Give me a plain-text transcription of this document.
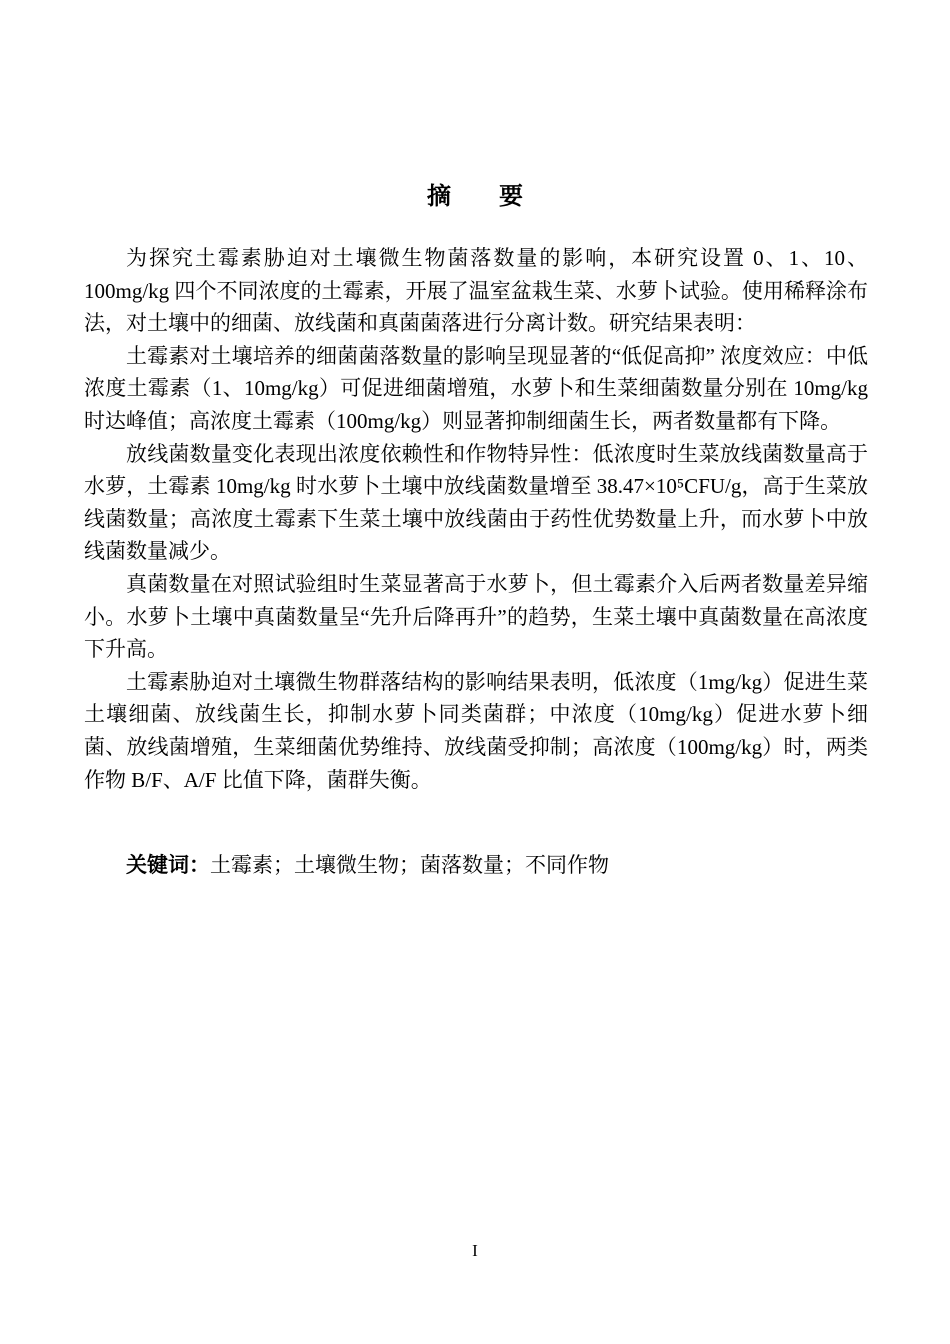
摘　　要

为探究土霉素胁迫对土壤微生物菌落数量的影响，本研究设置 0、1、10、100mg/kg 四个不同浓度的土霉素，开展了温室盆栽生菜、水萝卜试验。使用稀释涂布法，对土壤中的细菌、放线菌和真菌菌落进行分离计数。研究结果表明：

土霉素对土壤培养的细菌菌落数量的影响呈现显著的“低促高抑” 浓度效应：中低浓度土霉素（1、10mg/kg）可促进细菌增殖，水萝卜和生菜细菌数量分别在 10mg/kg 时达峰值；高浓度土霉素（100mg/kg）则显著抑制细菌生长，两者数量都有下降。

放线菌数量变化表现出浓度依赖性和作物特异性：低浓度时生菜放线菌数量高于水萝，土霉素 10mg/kg 时水萝卜土壤中放线菌数量增至 38.47×10⁵CFU/g，高于生菜放线菌数量；高浓度土霉素下生菜土壤中放线菌由于药性优势数量上升，而水萝卜中放线菌数量减少。

真菌数量在对照试验组时生菜显著高于水萝卜，但土霉素介入后两者数量差异缩小。水萝卜土壤中真菌数量呈“先升后降再升”的趋势，生菜土壤中真菌数量在高浓度下升高。

土霉素胁迫对土壤微生物群落结构的影响结果表明，低浓度（1mg/kg）促进生菜土壤细菌、放线菌生长，抑制水萝卜同类菌群；中浓度（10mg/kg）促进水萝卜细菌、放线菌增殖，生菜细菌优势维持、放线菌受抑制；高浓度（100mg/kg）时，两类作物 B/F、A/F 比值下降，菌群失衡。

关键词：土霉素；土壤微生物；菌落数量；不同作物
I
